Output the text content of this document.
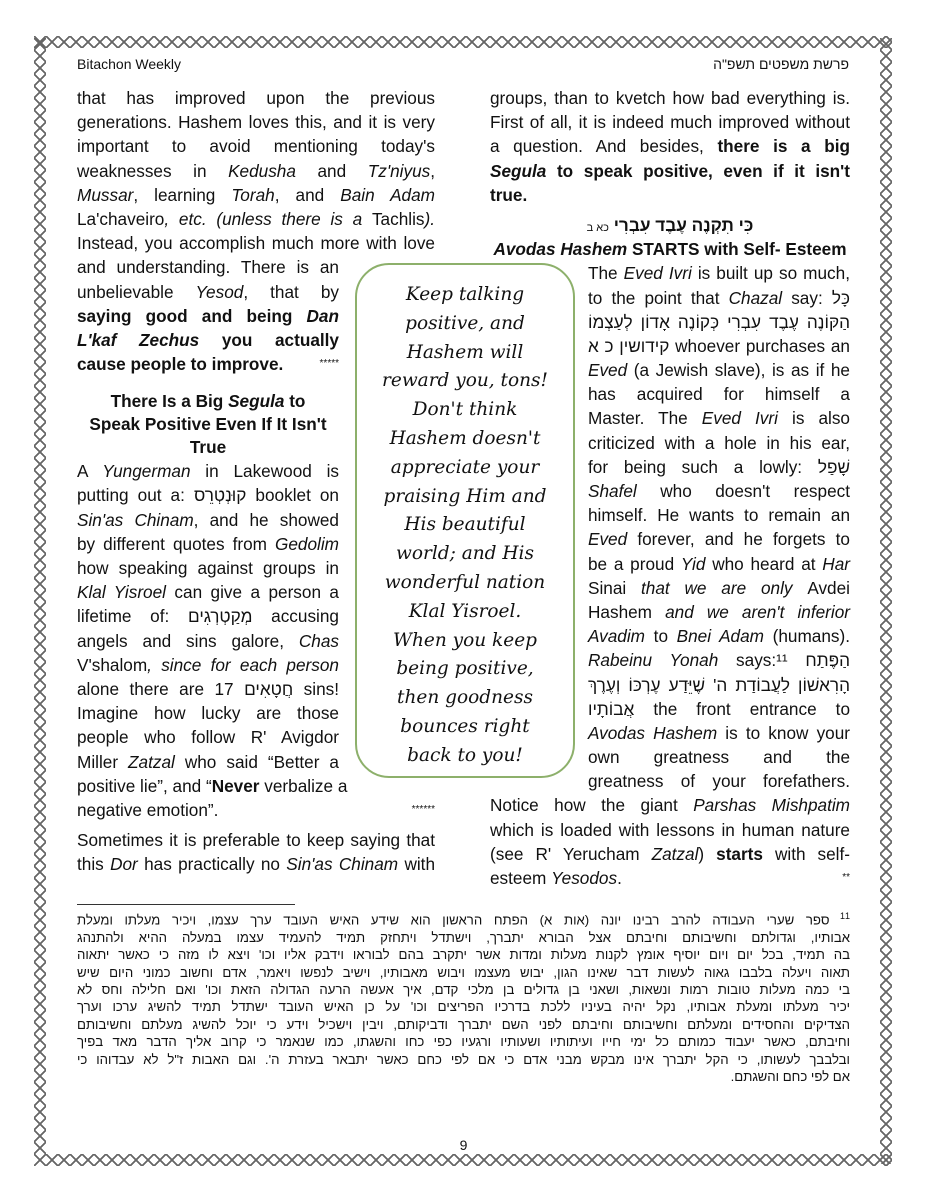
Bitachon Weekly	פרשת משפטים תשפ"ה
that has improved upon the previous
generations. Hashem loves this, and it is very
important to avoid mentioning today's
weaknesses in Kedusha and Tz'niyus,
Mussar, learning Torah, and Bain Adam
La'chaveiro, etc. (unless there is a Tachlis).
Instead, you accomplish much more with love
and understanding. There is an
unbelievable Yesod, that by
saying good and being Dan
L'kaf Zechus you actually
cause people to improve.	*****
There Is a Big Segula to
Speak Positive Even If It Isn't
True
A Yungerman in Lakewood is
putting out a: קוּנְטְרֵס booklet on
Sin'as Chinam, and he showed
by different quotes from Gedolim
how speaking against groups in
Klal Yisroel can give a person a
lifetime of: מְקַטְרְגִים accusing
angels and sins galore, Chas
V'shalom, since for each person
alone there are 17 חֲטָאִים sins!
Imagine how lucky are those
people who follow R' Avigdor
Miller Zatzal who said “Better a
positive lie”, and “Never verbalize a
negative emotion”.	******
Sometimes it is preferable to keep saying that
this Dor has practically no Sin'as Chinam with
Keep talking
positive, and
Hashem will
reward you, tons!
Don't think
Hashem doesn't
appreciate your
praising Him and
His beautiful
world; and His
wonderful nation
Klal Yisroel.
When you keep
being positive,
then goodness
bounces right
back to you!
groups, than to kvetch how bad everything is.
First of all, it is indeed much improved without
a question. And besides, there is a big
Segula to speak positive, even if it isn't
true.
כִּי תִקְנֶה עֶבֶד עִבְרִי כא ב
Avodas Hashem STARTS with Self- Esteem
The Eved Ivri is built up so much,
to the point that Chazal say: כָּל
הַקּוֹנֶה עֶבֶד עִבְרִי כְּקוֹנֶה אָדוֹן לְעַצְמוֹ
קידושין כ א whoever purchases an
Eved (a Jewish slave), is as if he
has acquired for himself a
Master. The Eved Ivri is also
criticized with a hole in his ear,
for being such a lowly: שָׁפַל
Shafel who doesn't respect
himself. He wants to remain an
Eved forever, and he forgets to
be a proud Yid who heard at Har
Sinai that we are only Avdei
Hashem and we aren't inferior
Avadim to Bnei Adam (humans).
Rabeinu Yonah says:¹¹ הַפֶּתַח
הָרִאשׁוֹן לַעֲבוֹדַת ה' שֶׁיֵּדַע עֶרְכּוֹ וְעֶרֶךְ
אֲבוֹתָיו the front entrance to
Avodas Hashem is to know your
own greatness and the
greatness of your forefathers.
Notice how the giant Parshas Mishpatim
which is loaded with lessons in human nature
(see R' Yerucham Zatzal) starts with self-
esteem Yesodos.	**
$^{11}$ ספר שערי העבודה להרב רבינו יונה (אות א) הפתח הראשון הוא שידע האיש העובד ערך עצמו, ויכיר מעלתו ומעלת
אבותיו, וגדולתם וחשיבותם וחיבתם אצל הבורא יתברך, וישתדל ויתחזק תמיד להעמיד עצמו במעלה ההיא ולהתנהג
בה תמיד, בכל יום ויום יוסיף אומץ לקנות מעלות ומדות אשר יתקרב בהם לבוראו וידבק אליו וכו' ויצא לו מזה כי כאשר יתאוה
תאוה ויעלה בלבבו גאוה לעשות דבר שאינו הגון, יבוש מעצמו ויבוש מאבותיו, וישיב לנפשו ויאמר, אדם וחשוב כמוני היום שיש
בי כמה מעלות טובות רמות ונשאות, ושאני בן גדולים בן מלכי קדם, איך אעשה הרעה הגדולה הזאת וכו' ואם חלילה וחס לא
יכיר מעלתו ומעלת אבותיו, נקל יהיה בעיניו ללכת בדרכיו הפריצים וכו' על כן האיש העובד ישתדל תמיד להשיג ערכו וערך
הצדיקים והחסידים ומעלתם וחשיבותם וחיבתם לפני השם יתברך ודביקותם, ויבין וישכיל וידע כי יוכל להשיג מעלתם וחשיבותם
וחיבתם, כאשר יעבוד כמותם כל ימי חייו ועיתותיו ושעותיו ורגעיו כפי כחו והשגתו, כמו שנאמר כי קרוב אליך הדבר מאד בפיך
ובלבבך לעשותו, כי הקל יתברך אינו מבקש מבני אדם כי אם לפי כחם כאשר יתבאר בעזרת ה'. וגם האבות ז"ל לא עבדוהו כי
אם לפי כחם והשגתם.
9
